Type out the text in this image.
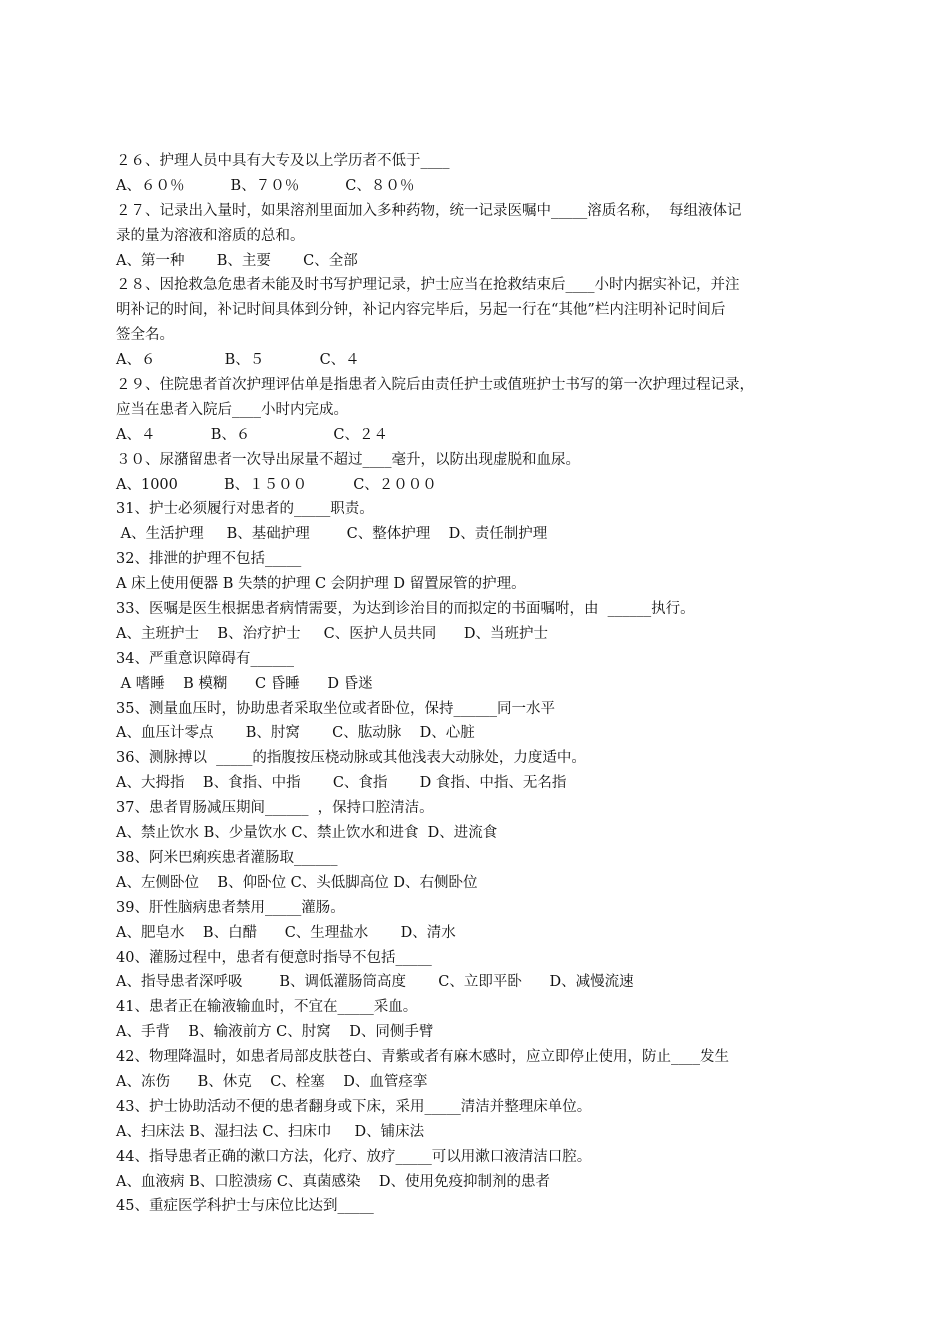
２６、护理人员中具有大专及以上学历者不低于____
A、６０％          B、７０％          C、８０％
２７、记录出入量时，如果溶剂里面加入多种药物，统一记录医嘱中_____溶质名称，  每组液体记
录的量为溶液和溶质的总和。
A、第一种       B、主要       C、全部
２８、因抢救急危患者未能及时书写护理记录，护士应当在抢救结束后____小时内据实补记，并注
明补记的时间，补记时间具体到分钟，补记内容完毕后，另起一行在“其他”栏内注明补记时间后
签全名。
A、６               B、５            C、４
２９、住院患者首次护理评估单是指患者入院后由责任护士或值班护士书写的第一次护理过程记录，
应当在患者入院后____小时内完成。
A、４            B、６                  C、２４
３０、尿潴留患者一次导出尿量不超过____毫升，以防出现虚脱和血尿。
A、1000          B、１５００          C、２０００
31、护士必须履行对患者的_____职责。
A、生活护理     B、基础护理        C、整体护理    D、责任制护理
32、排泄的护理不包括_____
A 床上使用便器 B 失禁的护理 C 会阴护理 D 留置尿管的护理。
33、医嘱是医生根据患者病情需要，为达到诊治目的而拟定的书面嘱咐，由  ______执行。
A、主班护士    B、治疗护士     C、医护人员共同      D、当班护士
34、严重意识障碍有______
A 嗜睡    B 模糊      C 昏睡      D 昏迷
35、测量血压时，协助患者采取坐位或者卧位，保持______同一水平
A、血压计零点       B、肘窝       C、肱动脉    D、心脏
36、测脉搏以  _____的指腹按压桡动脉或其他浅表大动脉处，力度适中。
A、大拇指    B、食指、中指       C、食指       D 食指、中指、无名指
37、患者胃肠减压期间______  ，保持口腔清洁。
A、禁止饮水 B、少量饮水 C、禁止饮水和进食  D、进流食
38、阿米巴痢疾患者灌肠取______
A、左侧卧位    B、仰卧位 C、头低脚高位 D、右侧卧位
39、肝性脑病患者禁用_____灌肠。
A、肥皂水    B、白醋      C、生理盐水       D、清水
40、灌肠过程中，患者有便意时指导不包括_____
A、指导患者深呼吸        B、调低灌肠筒高度       C、立即平卧      D、减慢流速
41、患者正在输液输血时，不宜在_____采血。
A、手背    B、输液前方 C、肘窝    D、同侧手臂
42、物理降温时，如患者局部皮肤苍白、青紫或者有麻木感时，应立即停止使用，防止____发生
A、冻伤      B、休克    C、栓塞    D、血管痉挛
43、护士协助活动不便的患者翻身或下床，采用_____清洁并整理床单位。
A、扫床法 B、湿扫法 C、扫床巾     D、铺床法
44、指导患者正确的漱口方法，化疗、放疗_____可以用漱口液清洁口腔。
A、血液病 B、口腔溃疡 C、真菌感染    D、使用免疫抑制剂的患者
45、重症医学科护士与床位比达到_____
